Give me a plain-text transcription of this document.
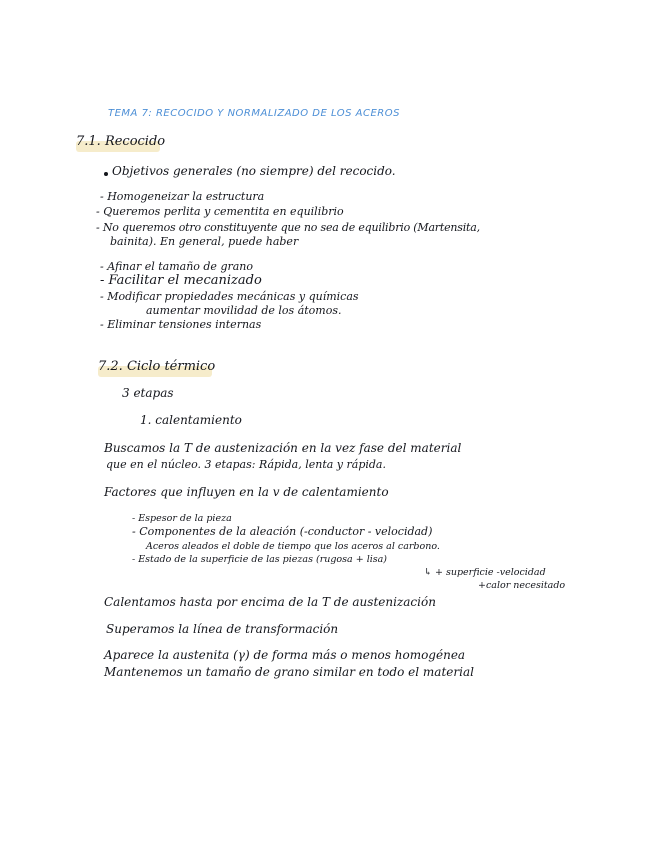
TEMA 7: RECOCIDO Y NORMALIZADO DE LOS ACEROS
7.1. Recocido
Objetivos generales (no siempre) del recocido.
- Homogeneizar la estructura
- Queremos perlita y cementita en equilibrio
- No queremos otro constituyente que no sea de equilibrio (Martensita,
bainita). En general, puede haber
- Afinar el tamaño de grano
- Facilitar el mecanizado
- Modificar propiedades mecánicas y químicas
aumentar movilidad de los átomos.
- Eliminar tensiones internas
7.2. Ciclo térmico
3 etapas
1. calentamiento
Buscamos la T de austenización en la vez fase del material
que en el núcleo. 3 etapas: Rápida, lenta y rápida.
Factores que influyen en la v de calentamiento
- Espesor de la pieza
- Componentes de la aleación (-conductor - velocidad)
Aceros aleados el doble de tiempo que los aceros al carbono.
- Estado de la superficie de las piezas (rugosa + lisa)
↳ + superficie -velocidad
+calor necesitado
Calentamos hasta por encima de la T de austenización
Superamos la línea de transformación
Aparece la austenita (γ) de forma más o menos homogénea
Mantenemos un tamaño de grano similar en todo el material
